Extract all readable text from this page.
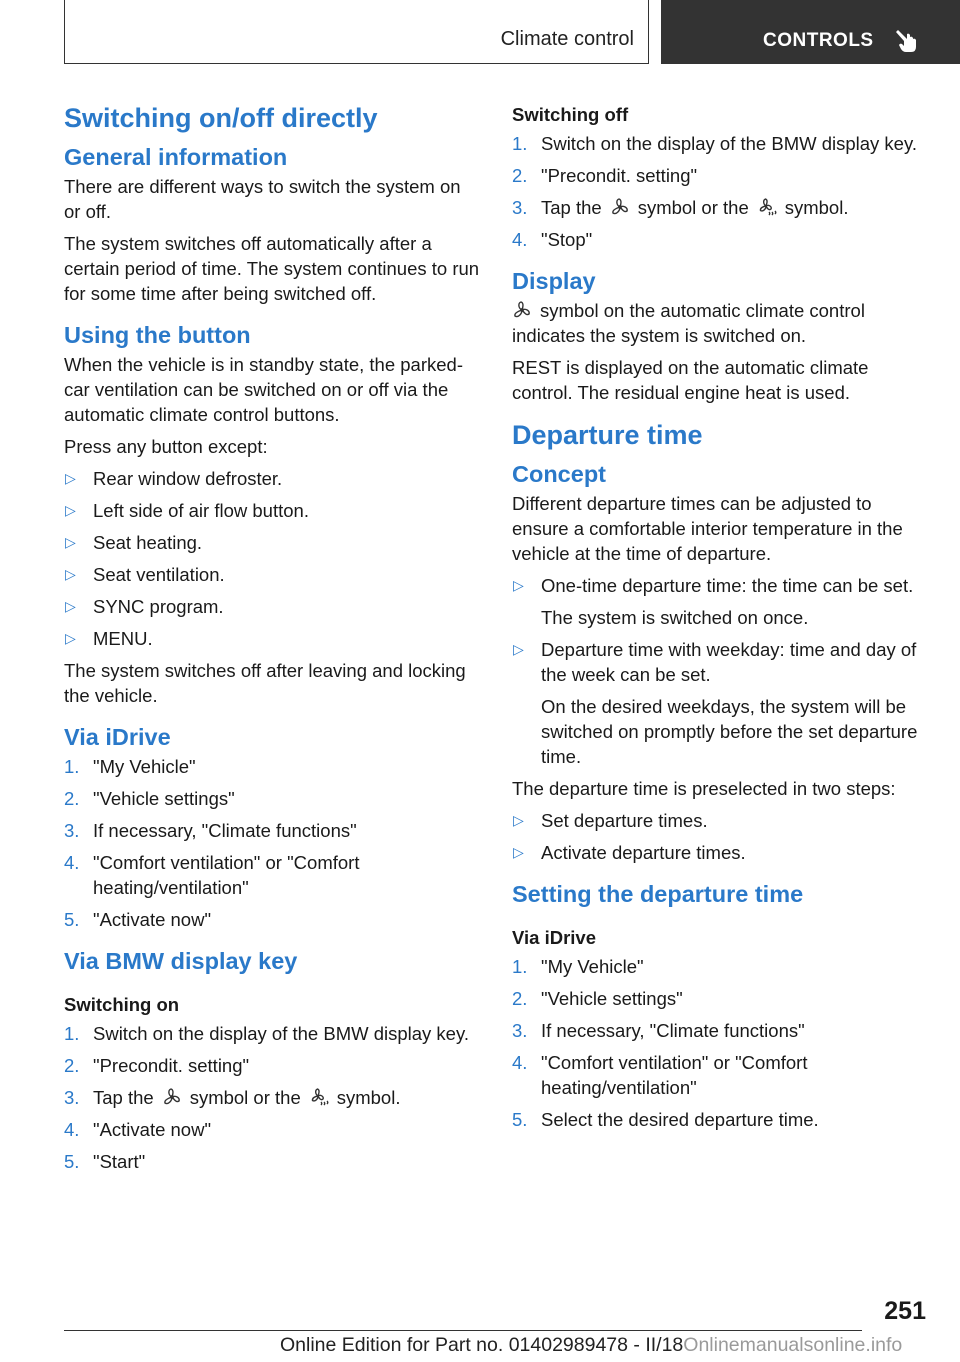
Climate control	CONTROLS
Switching on/off directly
General information

There are different ways to switch the system on or off.

The system switches off automatically after a certain period of time. The system continues to run for some time after being switched off.

Using the button

When the vehicle is in standby state, the parked-car ventilation can be switched on or off via the automatic climate control buttons.

Press any button except:

▷ Rear window defroster.
▷ Left side of air flow button.
▷ Seat heating.
▷ Seat ventilation.
▷ SYNC program.
▷ MENU.

The system switches off after leaving and locking the vehicle.

Via iDrive
1. "My Vehicle"
2. "Vehicle settings"
3. If necessary, "Climate functions"
4. "Comfort ventilation" or "Comfort heating/ventilation"
5. "Activate now"
Via BMW display key
Switching on
1. Switch on the display of the BMW display key.
2. "Precondit. setting"
3. Tap the symbol or the symbol.
4. "Activate now"
5. "Start"
Switching off
1. Switch on the display of the BMW display key.
2. "Precondit. setting"
3. Tap the symbol or the symbol.
4. "Stop"
Display

symbol on the automatic climate control indicates the system is switched on.

REST is displayed on the automatic climate control. The residual engine heat is used.

Departure time
Concept

Different departure times can be adjusted to ensure a comfortable interior temperature in the vehicle at the time of departure.

▷ One-time departure time: the time can be set.
The system is switched on once.
▷ Departure time with weekday: time and day of the week can be set.
On the desired weekdays, the system will be switched on promptly before the set departure time.

The departure time is preselected in two steps:

▷ Set departure times.
▷ Activate departure times.
Setting the departure time
Via iDrive
1. "My Vehicle"
2. "Vehicle settings"
3. If necessary, "Climate functions"
4. "Comfort ventilation" or "Comfort heating/ventilation"
5. Select the desired departure time.
251
Online Edition for Part no. 01402989478 - II/18Onlinemanualsonline.info
